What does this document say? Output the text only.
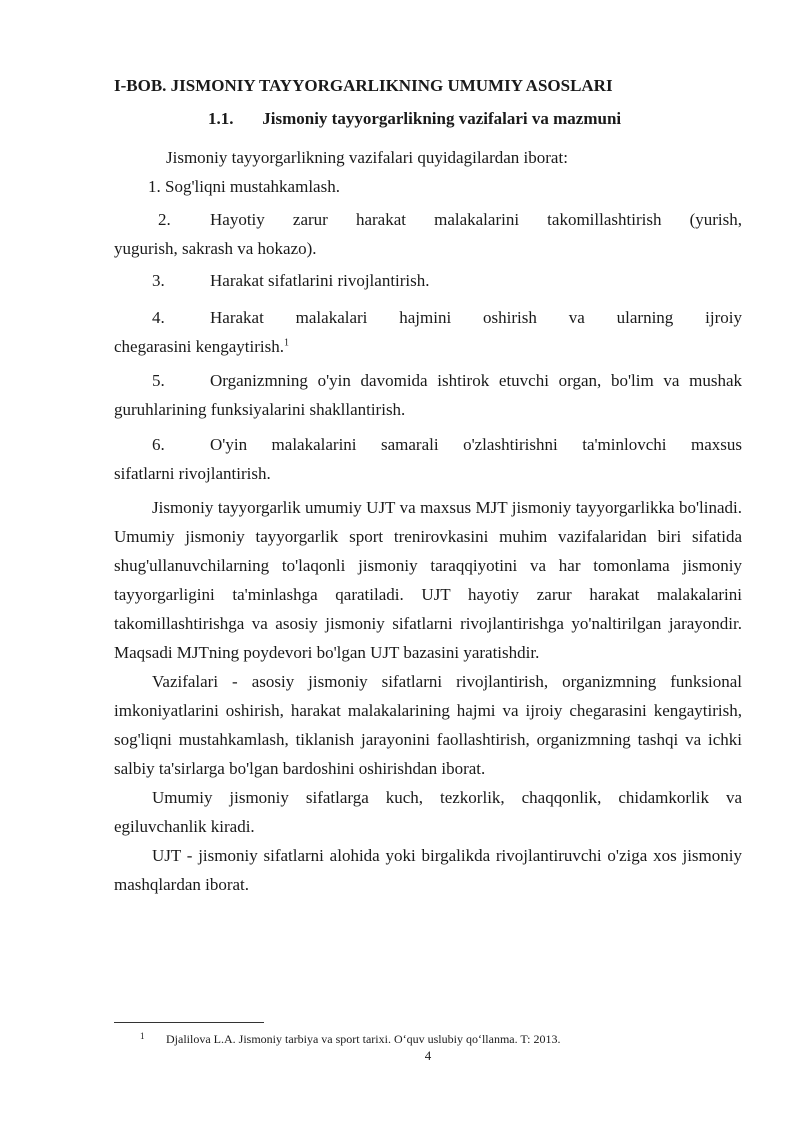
I-BOB. JISMONIY TAYYORGARLIKNING UMUMIY ASOSLARI
1.1. Jismoniy tayyorgarlikning vazifalari va mazmuni
Jismoniy tayyorgarlikning vazifalari quyidagilardan iborat:
1. Sog'liqni mustahkamlash.
2. Hayotiy zarur harakat malakalarini takomillashtirish (yurish,
yugurish, sakrash va hokazo).
3.	Harakat sifatlarini rivojlantirish.
4.	Harakat malakalari hajmini oshirish va ularning ijroiy
chegarasini kengaytirish.$^1$
5.	Organizmning o'yin davomida ishtirok etuvchi organ, bo'lim va mushak
guruhlarining funksiyalarini shakllantirish.
6.	O'yin malakalarini samarali o'zlashtirishni ta'minlovchi maxsus
sifatlarni rivojlantirish.

Jismoniy tayyorgarlik umumiy UJT va maxsus MJT jismoniy tayyorgarlikka bo'linadi. Umumiy jismoniy tayyorgarlik sport trenirovkasini muhim vazifalaridan biri sifatida shug'ullanuvchilarning to'laqonli jismoniy taraqqiyotini va har tomonlama jismoniy tayyorgarligini ta'minlashga qaratiladi. UJT hayotiy zarur harakat malakalarini takomillashtirishga va asosiy jismoniy sifatlarni rivojlantirishga yo'naltirilgan jarayondir. Maqsadi MJTning poydevori bo'lgan UJT bazasini yaratishdir.

Vazifalari - asosiy jismoniy sifatlarni rivojlantirish, organizmning funksional imkoniyatlarini oshirish, harakat malakalarining hajmi va ijroiy chegarasini kengaytirish, sog'liqni mustahkamlash, tiklanish jarayonini faollashtirish, organizmning tashqi va ichki salbiy ta'sirlarga bo'lgan bardoshini oshirishdan iborat.

Umumiy jismoniy sifatlarga kuch, tezkorlik, chaqqonlik, chidamkorlik va egiluvchanlik kiradi.

UJT - jismoniy sifatlarni alohida yoki birgalikda rivojlantiruvchi o'ziga xos jismoniy mashqlardan iborat.

1 Djalilova L.A. Jismoniy tarbiya va sport tarixi. O‘quv uslubiy qo‘llanma. T: 2013.
4
